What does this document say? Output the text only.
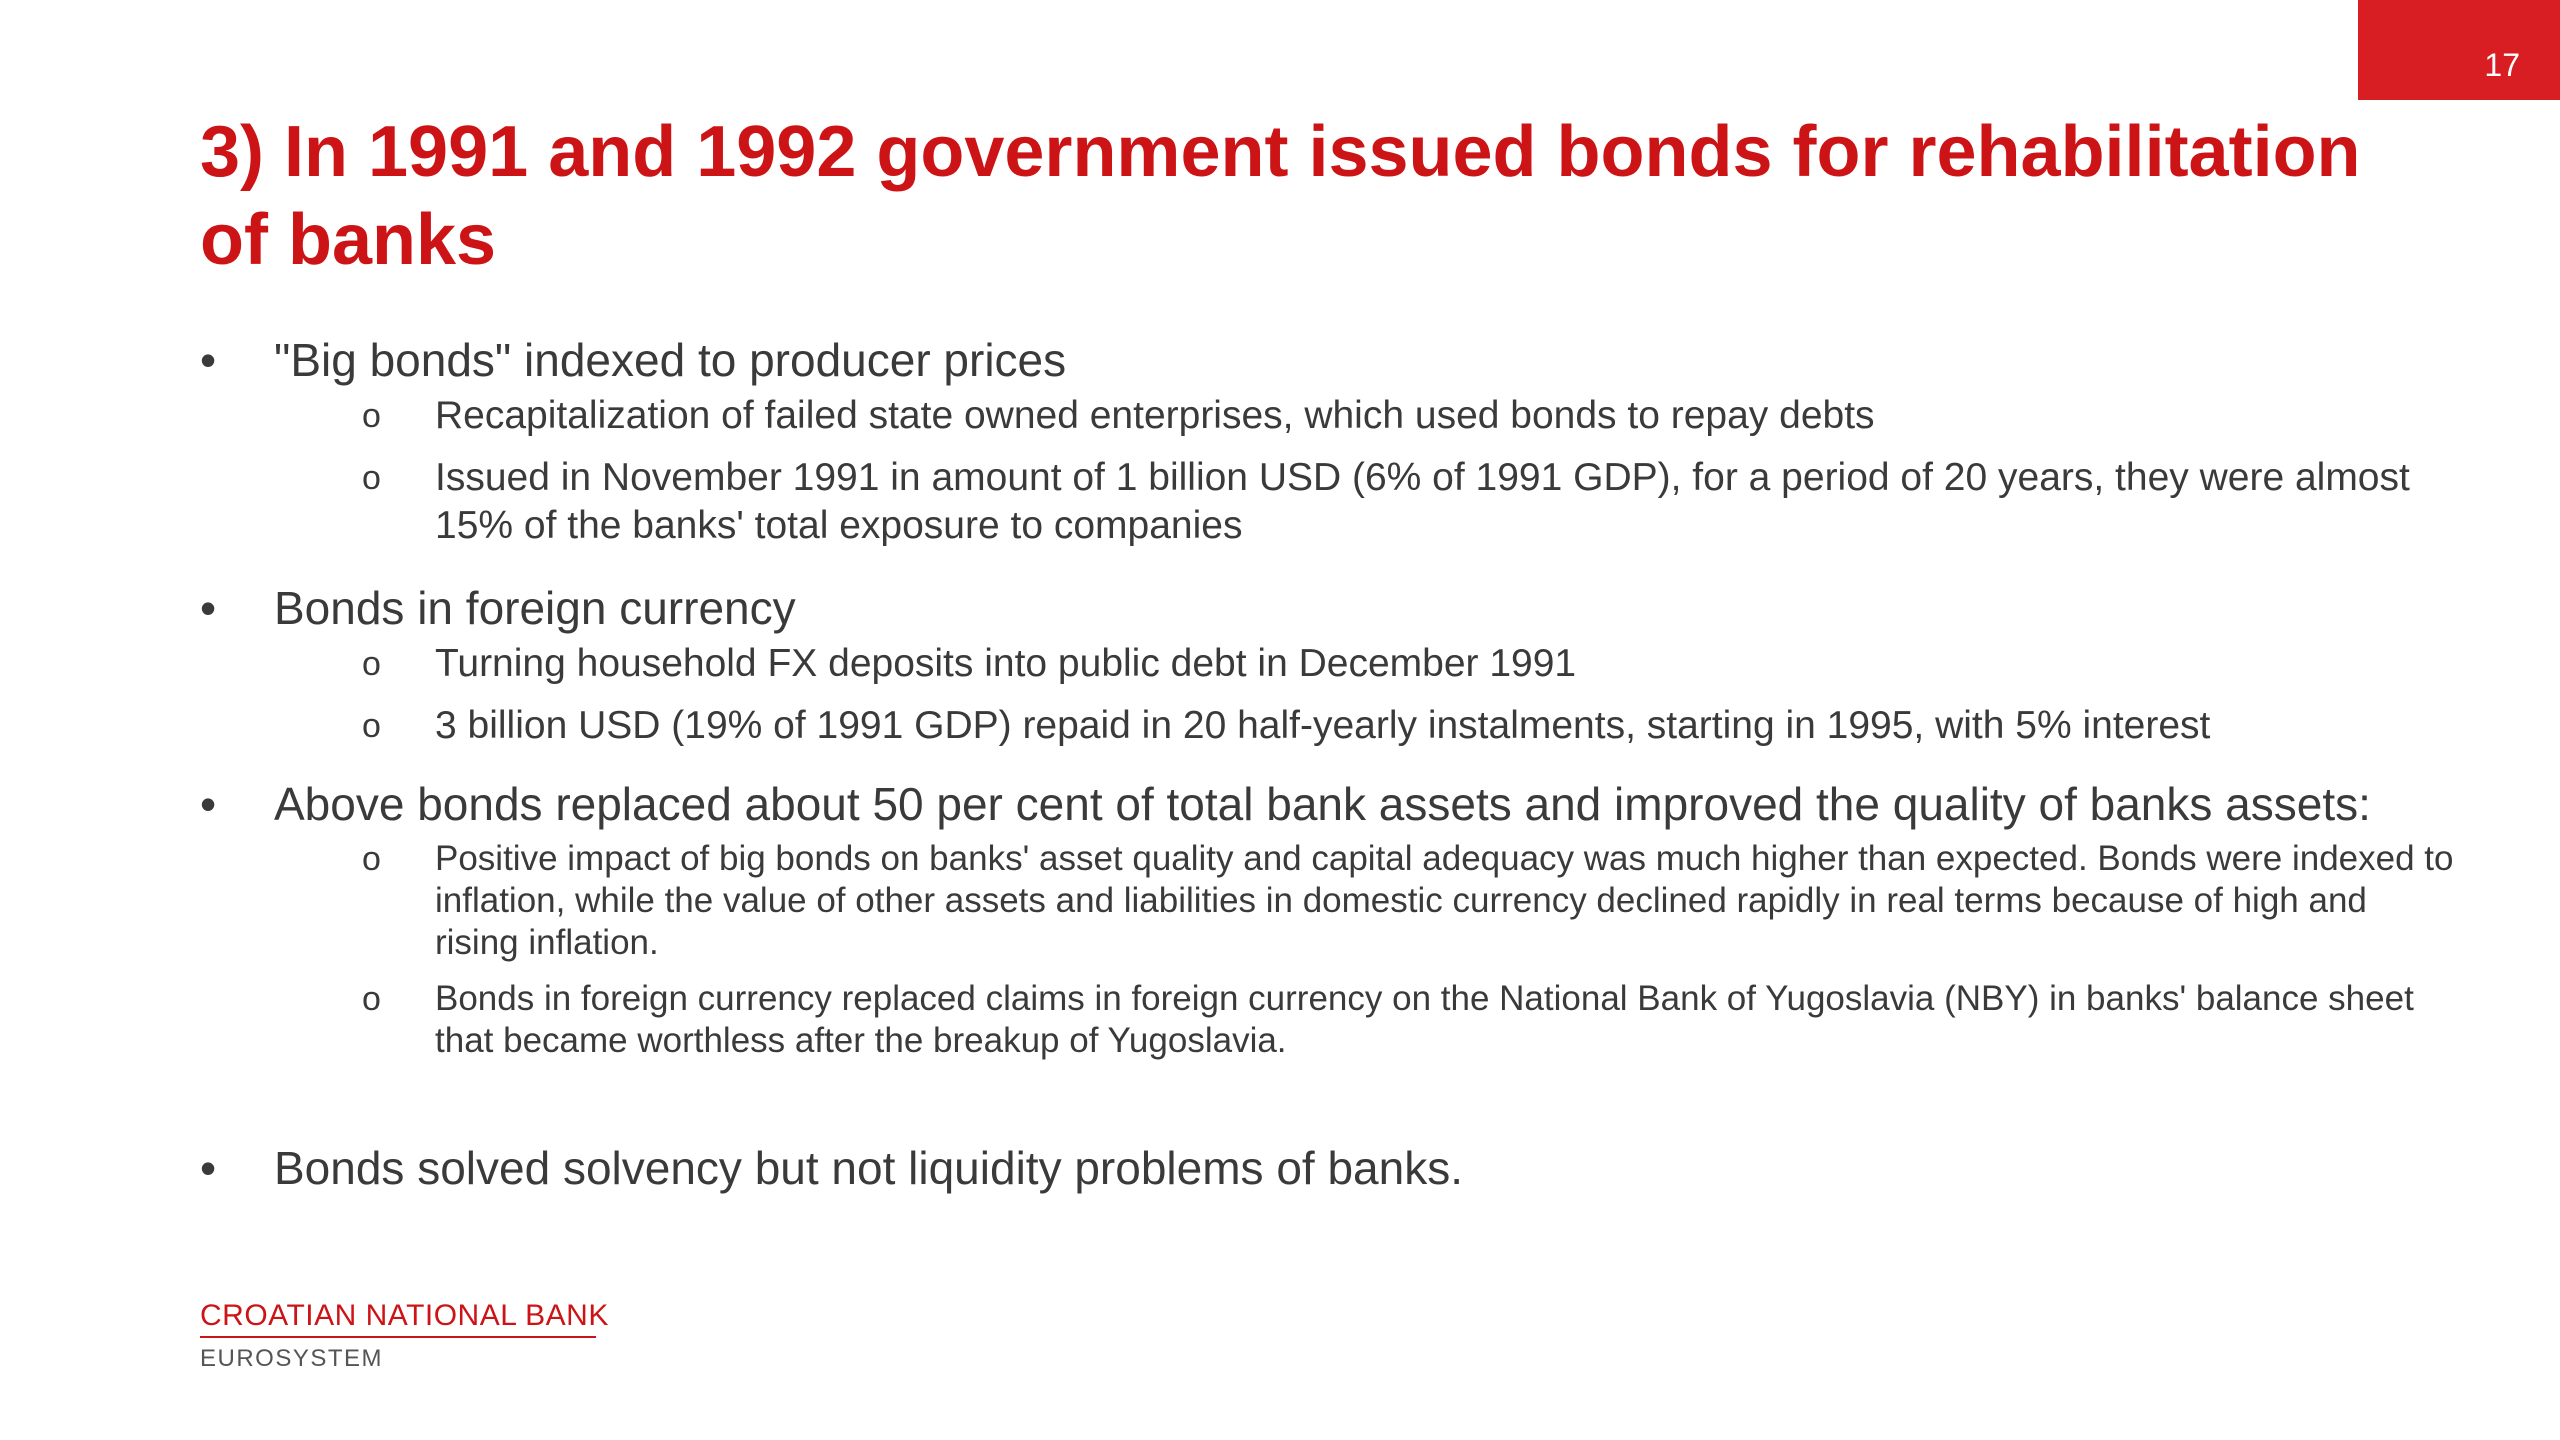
17
3) In 1991 and 1992 government issued bonds for rehabilitation of banks
•	"Big bonds" indexed to producer prices
o Recapitalization of failed state owned enterprises, which used bonds to repay debts
o Issued in November 1991 in amount of 1 billion USD (6% of 1991 GDP), for a period of 20 years, they were almost 15% of the banks' total exposure to companies
•	Bonds in foreign currency
o Turning household FX deposits into public debt in December 1991
o 3 billion USD (19% of 1991 GDP) repaid in 20 half-yearly instalments, starting in 1995, with 5% interest
•	Above bonds replaced about 50 per cent of total bank assets and improved the quality of banks assets:
o	Positive impact of big bonds on banks' asset quality and capital adequacy was much higher than expected. Bonds were indexed to inflation, while the value of other assets and liabilities in domestic currency declined rapidly in real terms because of high and rising inflation.
o	Bonds in foreign currency replaced claims in foreign currency on the National Bank of Yugoslavia (NBY) in banks' balance sheet that became worthless after the breakup of Yugoslavia.
•	Bonds solved solvency but not liquidity problems of banks.
CROATIAN NATIONAL BANK
EUROSYSTEM
